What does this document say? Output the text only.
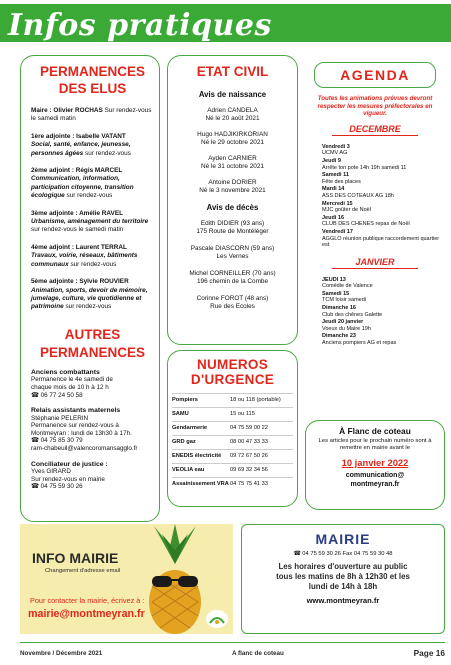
Infos pratiques
PERMANENCES DES ELUS
Maire : Olivier ROCHAS Sur rendez-vous le samedi matin
1ère adjointe : Isabelle VATANT
Social, santé, enfance, jeunesse, personnes âgées sur rendez-vous
2ème adjoint : Régis MARCEL
Communication, information, participation citoyenne, transition écologique sur rendez-vous
3ème adjointe : Amélie RAVEL
Urbanisme, aménagement du territoire sur rendez-vous le samedi matin
4ème adjoint : Laurent TERRAL
Travaux, voirie, réseaux, bâtiments communaux sur rendez-vous
5ème adjointe : Sylvie ROUVIER
Animation, sports, devoir de mémoire, jumelage, culture, vie quotidienne et patrimoine sur rendez-vous
AUTRES PERMANENCES
Anciens combattants
Permanence le 4e samedi de
chaque mois de 10 h à 12 h
☎ 06 77 24 50 58
Relais assistants maternels
Stéphanie PELERIN
Permanence sur rendez-vous à
Montmeyran : lundi de 13h30 à 17h.
☎ 04 75 85 30 79
ram-chabeuil@valencoromansagglo.fr
Conciliateur de justice :
Yves GIRARD
Sur rendez-vous en mairie
☎ 04 75 59 30 26
ETAT CIVIL
Avis de naissance
Adrien CANDELA
Né le 20 août 2021
Hugo HADJIKIRKORIAN
Né le 29 octobre 2021
Ayden CARNIER
Né le 31 octobre 2021
Antoine DORIER
Né le 3 novembre 2021
Avis de décès
Edith DIDIER (93 ans)
175 Route de Montéléger
Pascale DIASCORN (59 ans)
Les Vernes
Michel CORNEILLER (70 ans)
196 chemin de la Combe
Corinne FOROT (48 ans)
Rue des Ecoles
NUMEROS D'URGENCE
Pompiers	18 ou 118 (portable)
SAMU	15 ou 115
Gendarmerie	04 75 59 00 22
GRD gaz	08 00 47 33 33
ENEDIS électricité	09 72 67 50 26
VEOLIA eau	09 69 32 34 56
Assainissement VRA 04 75 75 41 33
AGENDA
Toutes les animations prévues devront respecter les mesures préfectorales en vigueur.
DECEMBRE
Vendredi 3
UCMV AG
Jeudi 9
Arrête ton pote 14h 19h samedi 11
Samedi 11
Fête des places
Mardi 14
ASS DES COTEAUX AG 18h
Mercredi 15
MJC goûter de Noël
Jeudi 16
CLUB DES CHENES repas de Noël
Vendredi 17
AGGLO réunion publique raccordement quartier est
JANVIER
JEUDI 13
Comédie de Valence
Samedi 15
TCM loisir samedi
Dimanche 16
Club des chênes Galette
Jeudi 20 janvier
Voeux du Maire 19h
Dimanche 23
Anciens pompiers AG et repas
À Flanc de coteau
Les articles pour le prochain numéro sont à remettre en mairie avant le
10 janvier 2022
communication@
montmeyran.fr
INFO MAIRIE
Changement d'adresse email
Pour contacter la mairie, écrivez à :
mairie@montmeyran.fr
MAIRIE
☎ 04 75 59 30 26 Fax 04 75 59 30 48
Les horaires d'ouverture au public
tous les matins de 8h à 12h30 et les
lundi de 14h à 18h
www.montmeyran.fr
Novembre / Décembre 2021	A flanc de coteau	Page 16
